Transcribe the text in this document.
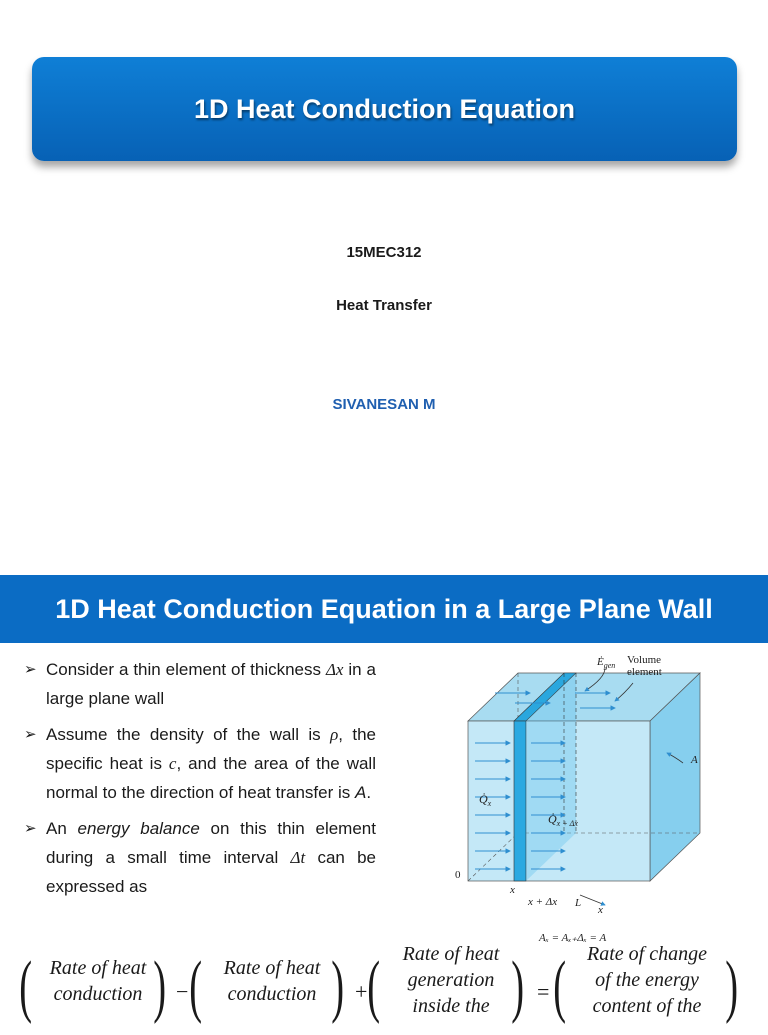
1D Heat Conduction Equation
15MEC312
Heat Transfer
SIVANESAN M
1D Heat Conduction Equation in a Large Plane Wall
➢ Consider a thin element of thickness Δx in a large plane wall
➢ Assume the density of the wall is ρ, the specific heat is c, and the area of the wall normal to the direction of heat transfer is A.
➢ An energy balance on this thin element during a small time interval Δt can be expressed as
$Ė_{gen}$ Volume
element
A
$Q̇_x$
$Q̇_{x + \Delta x}$
0
x
x + Δx L
x
Aₓ = Aₓ₊Δₓ = A
( Rate of heat
conduction ) − (	Rate of heat
conduction ) + (	Rate of heat
generation
inside the ) = (	Rate of change
of the energy
content of the )
